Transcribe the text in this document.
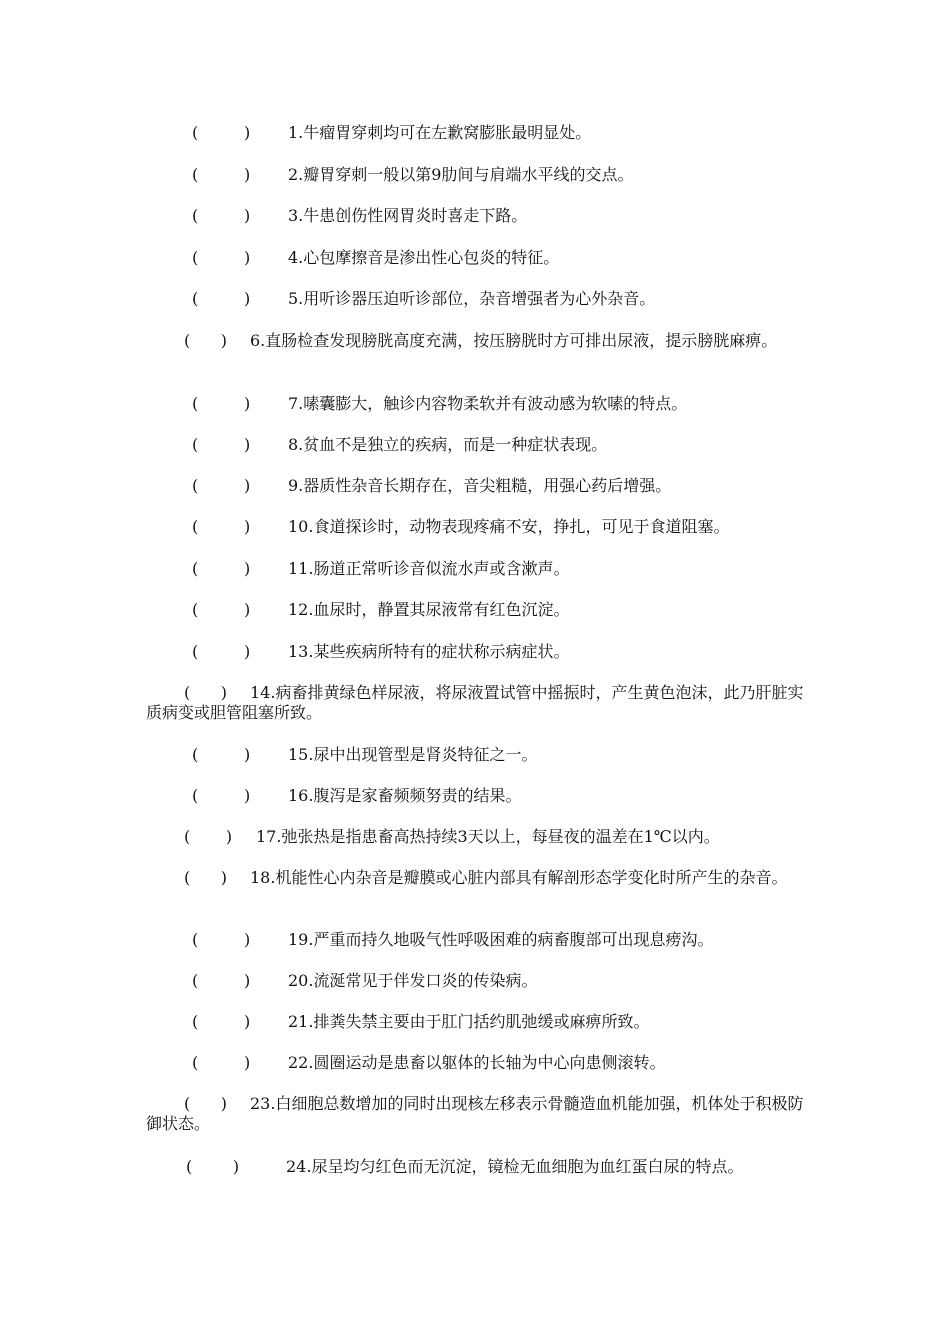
(         ) 1.牛瘤胃穿刺均可在左歉窝膨胀最明显处。
(         ) 2.瓣胃穿刺一般以第9肋间与肩端水平线的交点。
(         ) 3.牛患创伤性网胃炎时喜走下路。
(         ) 4.心包摩擦音是渗出性心包炎的特征。
(         ) 5.用听诊器压迫听诊部位，杂音增强者为心外杂音。
(      ) 6.直肠检查发现膀胱高度充满，按压膀胱时方可排出尿液，提示膀胱麻痹。
(         ) 7.嗉囊膨大，触诊内容物柔软并有波动感为软嗉的特点。
(         ) 8.贫血不是独立的疾病，而是一种症状表现。
(         ) 9.器质性杂音长期存在，音尖粗糙，用强心药后增强。
(         ) 10.食道探诊时，动物表现疼痛不安，挣扎，可见于食道阻塞。
(         ) 11.肠道正常听诊音似流水声或含漱声。
(         ) 12.血尿时，静置其尿液常有红色沉淀。
(         ) 13.某些疾病所特有的症状称示病症状。
(      ) 14.病畜排黄绿色样尿液，将尿液置试管中摇振时，产生黄色泡沫，此乃肝脏实质病变或胆管阻塞所致。
(         ) 15.尿中出现管型是肾炎特征之一。
(         ) 16.腹泻是家畜频频努责的结果。
(       ) 17.弛张热是指患畜高热持续3天以上，每昼夜的温差在1℃以内。
(      ) 18.机能性心内杂音是瓣膜或心脏内部具有解剖形态学变化时所产生的杂音。
(         ) 19.严重而持久地吸气性呼吸困难的病畜腹部可出现息痨沟。
(         ) 20.流涎常见于伴发口炎的传染病。
(         ) 21.排粪失禁主要由于肛门括约肌弛缓或麻痹所致。
(         ) 22.圆圈运动是患畜以躯体的长轴为中心向患侧滚转。
(      ) 23.白细胞总数增加的同时出现核左移表示骨髓造血机能加强，机体处于积极防御状态。
(        )	24.尿呈均匀红色而无沉淀，镜检无血细胞为血红蛋白尿的特点。
